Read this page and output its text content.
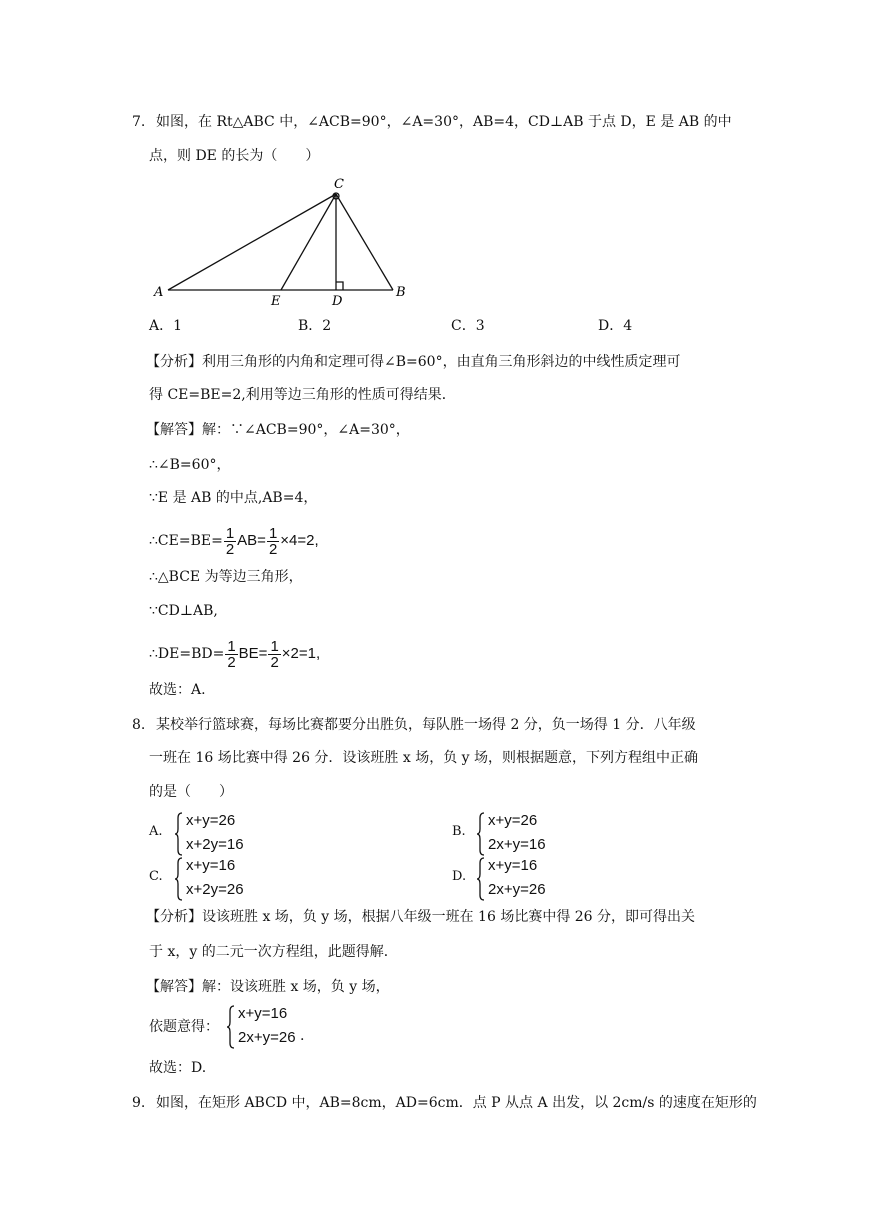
7. 如图，在 Rt△ABC 中，∠ACB=90°，∠A=30°，AB=4，CD⊥AB 于点 D，E 是 AB 的中
点，则 DE 的长为（　　）
A	B
C
D
E
A．1	B．2	C．3	D．4
【分析】利用三角形的内角和定理可得∠B=60°，由直角三角形斜边的中线性质定理可
得 CE=BE=2,利用等边三角形的性质可得结果．
【解答】解：∵∠ACB=90°，∠A=30°，
∴∠B=60°，
∵E 是 AB 的中点,AB=4，
∴CE=BE= $\frac{1}{2} AB= \frac{1}{2} \times 4=2$,
∴△BCE 为等边三角形，
∵CD⊥AB,
∴DE=BD= $\frac{1}{2} BE= \frac{1}{2} \times 2=1$,
故选：A.
8. 某校举行篮球赛，每场比赛都要分出胜负，每队胜一场得 2 分，负一场得 1 分．八年级
一班在 16 场比赛中得 26 分．设该班胜 x 场，负 y 场，则根据题意，下列方程组中正确
的是（　　）
A.
x+y=26
x+2y=16
B.
x+y=26
2x+y=16
C.
x+y=16
x+2y=26
D.
x+y=16
2x+y=26
【分析】设该班胜 x 场，负 y 场，根据八年级一班在 16 场比赛中得 26 分，即可得出关
于 x，y 的二元一次方程组，此题得解．
【解答】解：设该班胜 x 场，负 y 场，
依题意得：
x+y=16
2x+y=26 .
故选：D.
9. 如图，在矩形 ABCD 中，AB=8cm，AD=6cm．点 P 从点 A 出发，以 2cm/s 的速度在矩形的
